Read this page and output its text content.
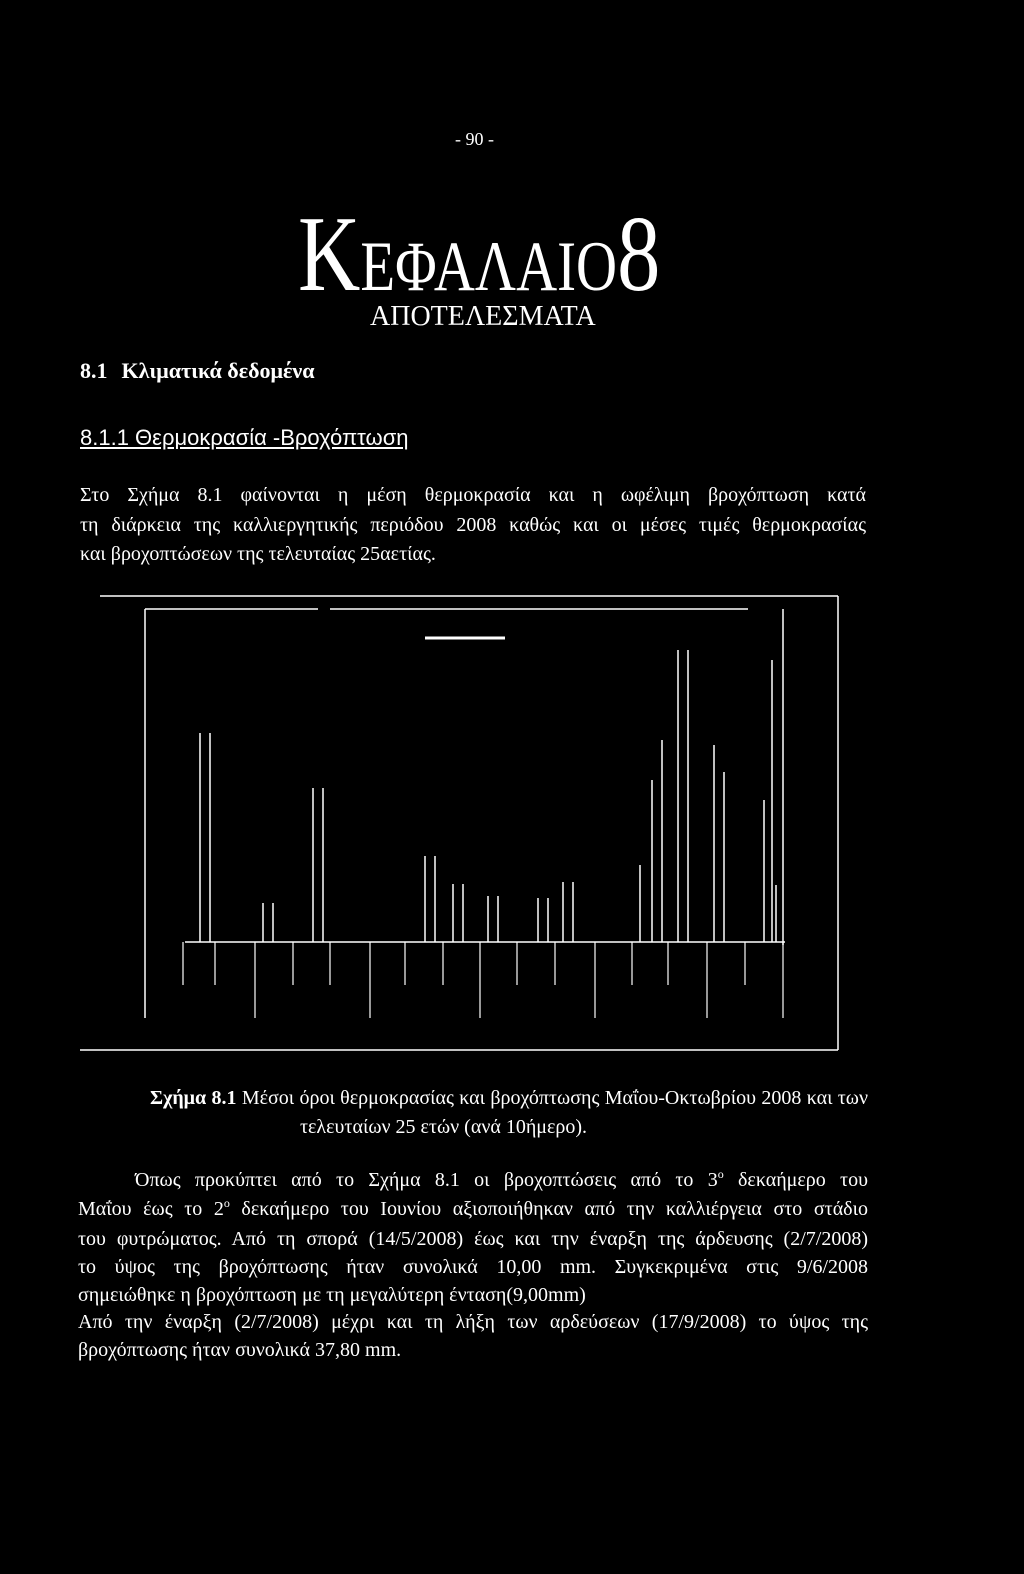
- 90 -
ΚΕΦΑΛΑΙΟ8
ΑΠΟΤΕΛΕΣΜΑΤΑ
8.1 Κλιματικά δεδομένα
8.1.1 Θερμοκρασία -Βροχόπτωση
Στο Σχήμα 8.1 φαίνονται η μέση θερμοκρασία και η ωφέλιμη βροχόπτωση κατά
τη διάρκεια της καλλιεργητικής περιόδου 2008 καθώς και οι μέσες τιμές θερμοκρασίας
και βροχοπτώσεων της τελευταίας 25αετίας.
Σχήμα 8.1 Μέσοι όροι θερμοκρασίας και βροχόπτωσης Μαΐου-Οκτωβρίου 2008 και των
τελευταίων 25 ετών (ανά 10ήμερο).
Όπως προκύπτει από το Σχήμα 8.1 οι βροχοπτώσεις από το $3^o$ δεκαήμερο του
Μαΐου έως το $2^o$ δεκαήμερο του Ιουνίου αξιοποιήθηκαν από την καλλιέργεια στο στάδιο
του φυτρώματος. Από τη σπορά (14/5/2008) έως και την έναρξη της άρδευσης (2/7/2008)
το ύψος της βροχόπτωσης ήταν συνολικά 10,00 mm. Συγκεκριμένα στις 9/6/2008
σημειώθηκε η βροχόπτωση με τη μεγαλύτερη ένταση(9,00mm)
Από την έναρξη (2/7/2008) μέχρι και τη λήξη των αρδεύσεων (17/9/2008) το ύψος της
βροχόπτωσης ήταν συνολικά 37,80 mm.
